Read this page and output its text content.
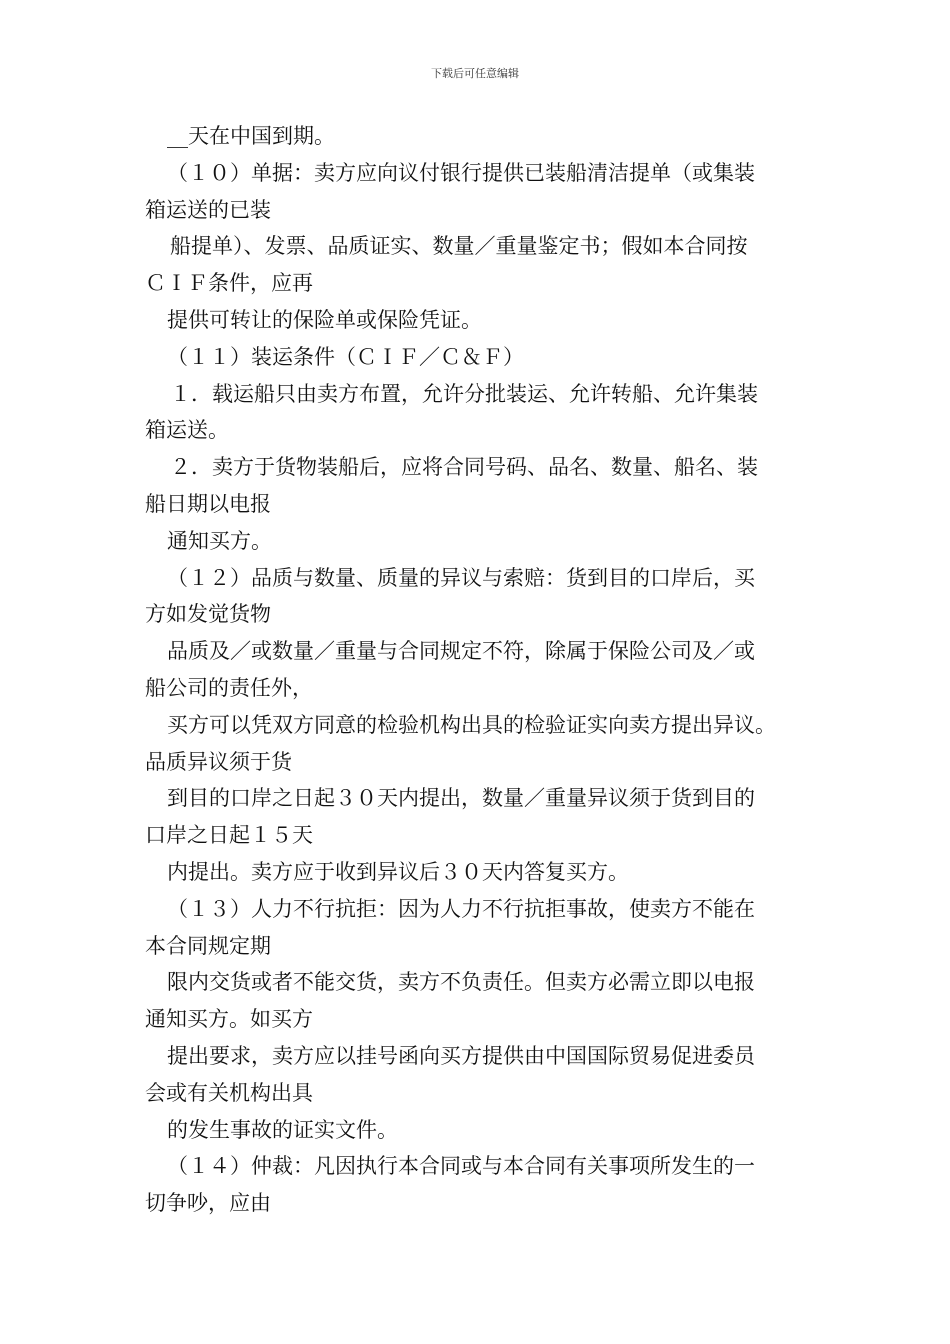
下载后可任意编辑
__天在中国到期。
（１０）单据：卖方应向议付银行提供已装船清洁提单（或集装
箱运送的已装
船提单）、发票、品质证实、数量／重量鉴定书；假如本合同按
ＣＩＦ条件，应再
提供可转让的保险单或保险凭证。
（１１）装运条件（ＣＩＦ／Ｃ＆Ｆ）
１．载运船只由卖方布置，允许分批装运、允许转船、允许集装
箱运送。
２．卖方于货物装船后，应将合同号码、品名、数量、船名、装
船日期以电报
通知买方。
（１２）品质与数量、质量的异议与索赔：货到目的口岸后，买
方如发觉货物
品质及／或数量／重量与合同规定不符，除属于保险公司及／或
船公司的责任外，
买方可以凭双方同意的检验机构出具的检验证实向卖方提出异议。
品质异议须于货
到目的口岸之日起３０天内提出，数量／重量异议须于货到目的
口岸之日起１５天
内提出。卖方应于收到异议后３０天内答复买方。
（１３）人力不行抗拒：因为人力不行抗拒事故，使卖方不能在
本合同规定期
限内交货或者不能交货，卖方不负责任。但卖方必需立即以电报
通知买方。如买方
提出要求，卖方应以挂号函向买方提供由中国国际贸易促进委员
会或有关机构出具
的发生事故的证实文件。
（１４）仲裁：凡因执行本合同或与本合同有关事项所发生的一
切争吵，应由
